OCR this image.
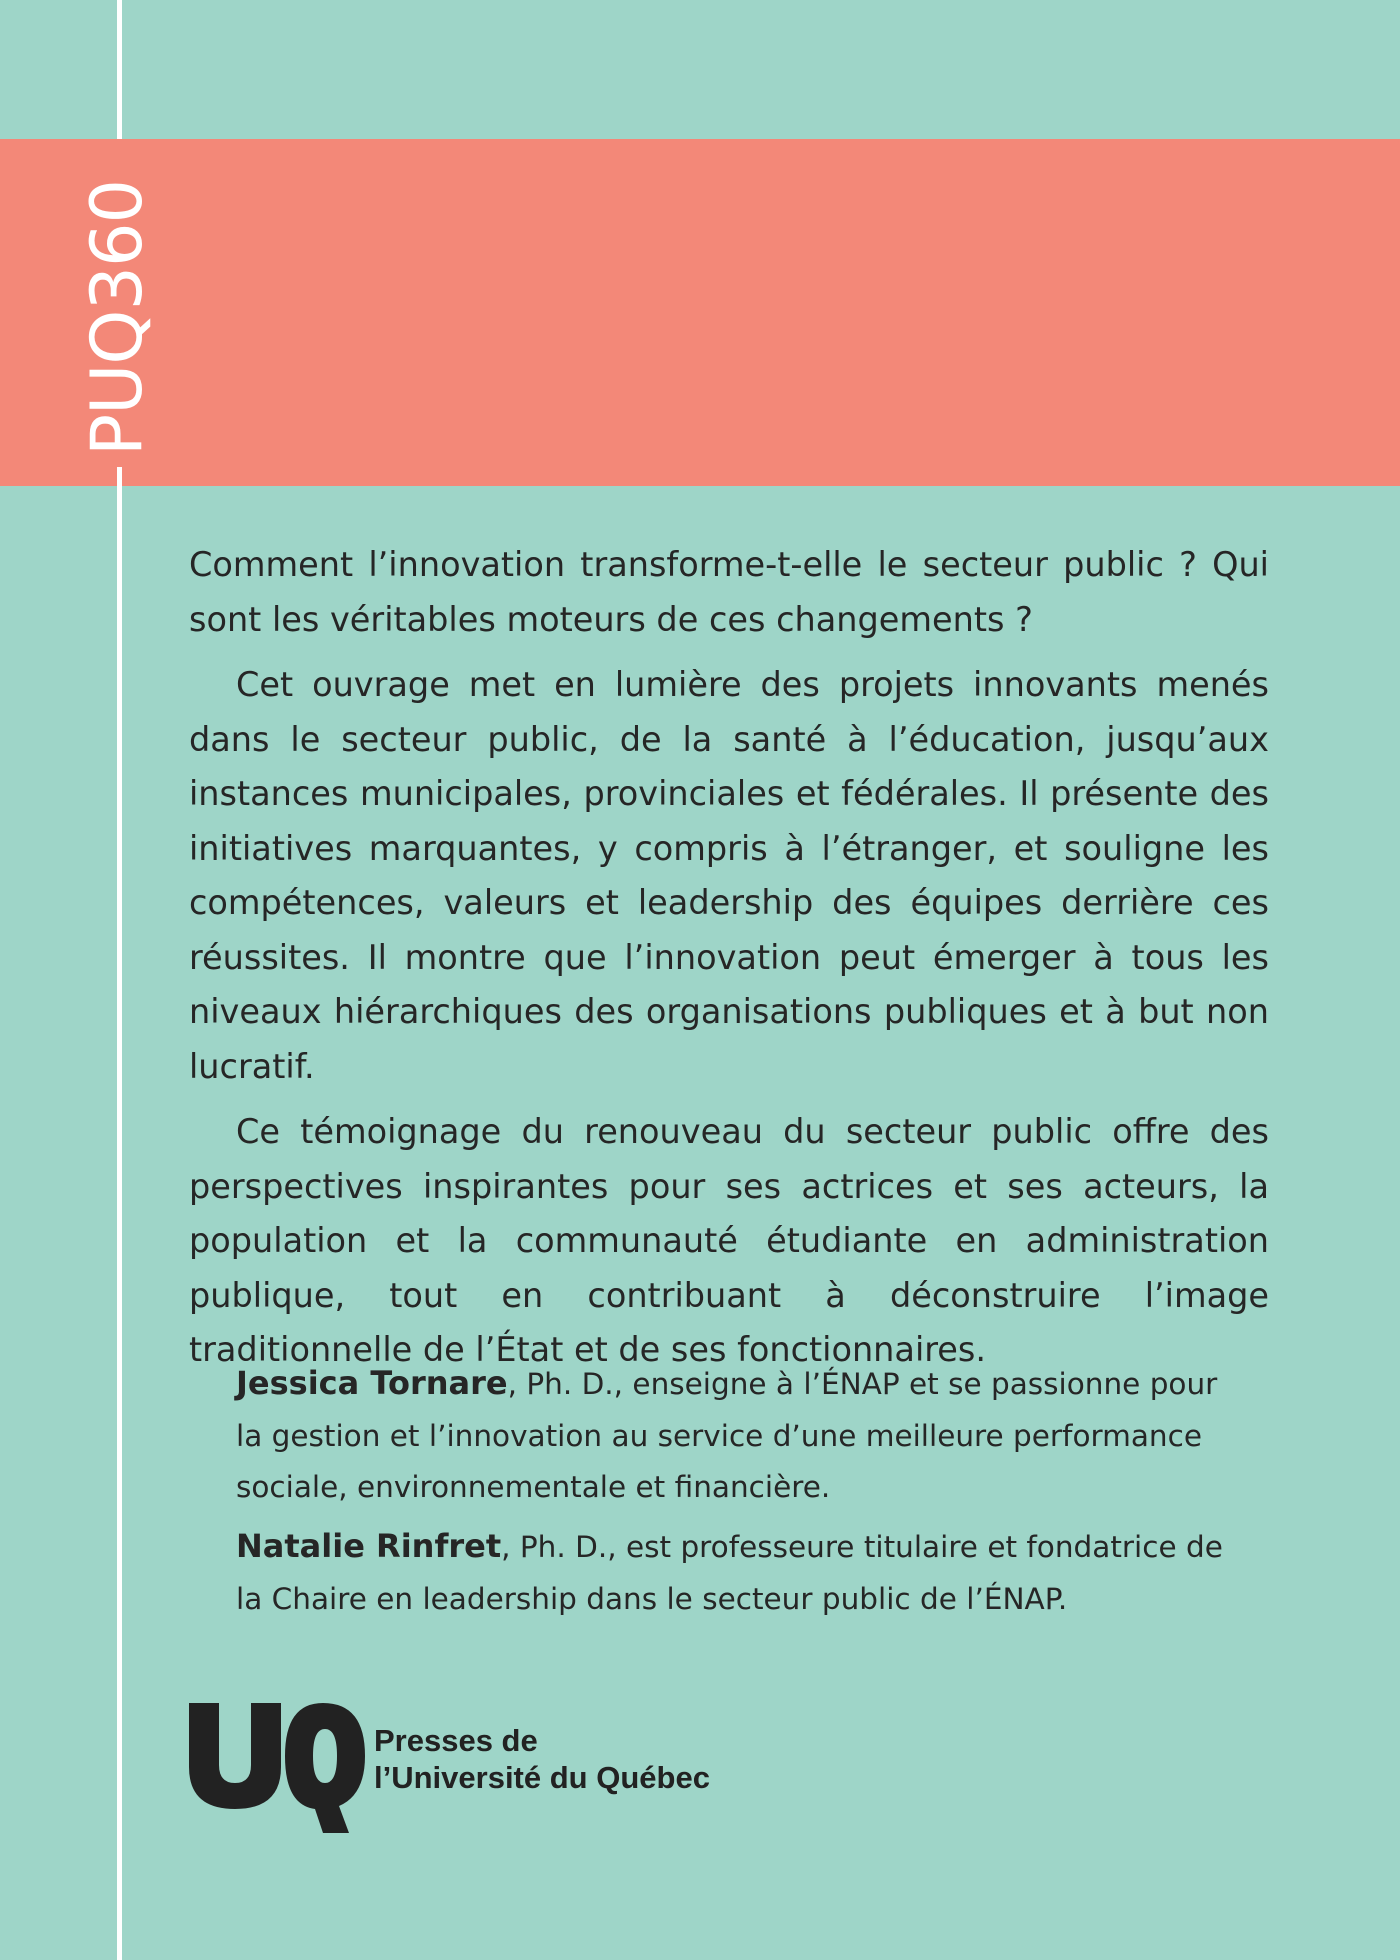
PUQ360

Comment l’innovation transforme-t-elle le secteur public ? Qui sont les véritables moteurs de ces changements ?

Cet ouvrage met en lumière des projets innovants menés dans le secteur public, de la santé à l’éducation, jusqu’aux instances municipales, provinciales et fédérales. Il présente des initiatives marquantes, y compris à l’étranger, et souligne les compétences, valeurs et leadership des équipes derrière ces réussites. Il montre que l’innovation peut émerger à tous les niveaux hiérarchiques des organisations publiques et à but non lucratif.

Ce témoignage du renouveau du secteur public offre des perspectives inspirantes pour ses actrices et ses acteurs, la population et la communauté étudiante en administration publique, tout en contribuant à déconstruire l’image traditionnelle de l’État et de ses fonctionnaires.

Jessica Tornare, Ph. D., enseigne à l’ÉNAP et se passionne pour la gestion et l’innovation au service d’une meilleure performance sociale, environnementale et financière.

Natalie Rinfret, Ph. D., est professeure titulaire et fondatrice de la Chaire en leadership dans le secteur public de l’ÉNAP.

Presses de
l’Université du Québec
